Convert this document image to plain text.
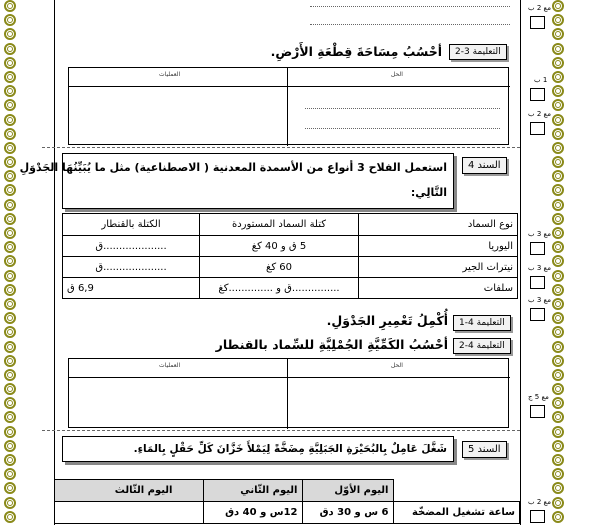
التعليمة 3-2
أحْسُبُ مِسَاحَةَ قِطْعَةِ الأَرْضِ.
العمليات	الحل
السند 4
استعمل الفلاح 3 أنواع من الأسمدة المعدنية ( الاصطناعية) مثل ما يُبَيِّنُهَا الجَدْوَلِ
التَّالِي:
نوع السماد	كتلة السماد المستوردة	الكتلة بالقنطار
اليوريا	5 ق و 40 كغ	....................ق
نيترات الجير	60 كغ	....................ق
سلفات	...............ق و ..............كغ	6,9 ق
التعليمة 4-1
أُكْمِلُ تَعْمِيرِ الجَدْوَلِ.
التعليمة 4-2
أحْسُبُ الكَمِّيَّةِ الجُمْلِيَّةِ للسِّماد بالقنطار
العمليات	الحل
السند 5
شَغَّلَ عَامِلٌ بِالبُحَيْرَةِ الجَبَلِيَّةِ مِضَخَّةً لِيَمْلأَ خَزَّانَ كَلِّ حَقْلٍ بِالمَاءِ.
	اليوم الأوّل	اليوم الثّاني	اليوم الثّالث
ساعة تشغيل المضخّة	6 س و 30 دق	12س و 40 دق	
مع 2 ب
1 ب
مع 2 ب
مع 3 ب
مع 3 ب
مع 3 ب
مع 5 ج
مع 2 ب
